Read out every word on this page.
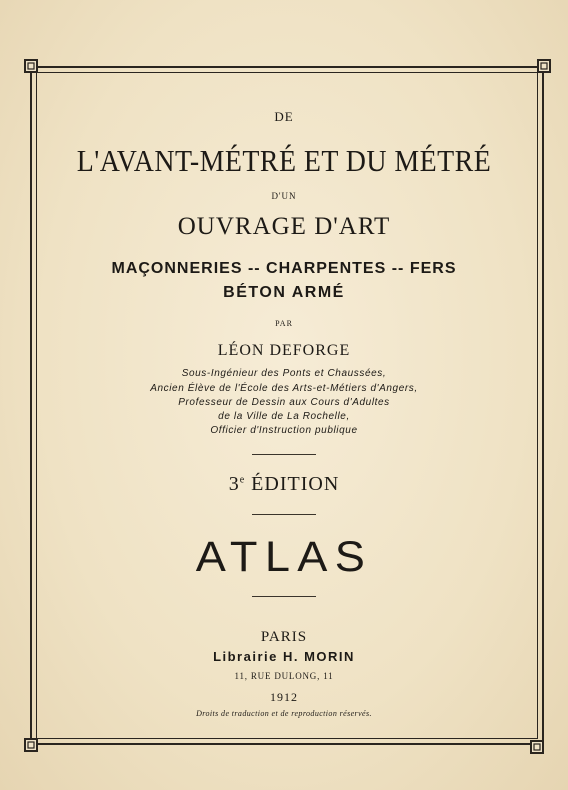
DE
L'AVANT-MÉTRÉ ET DU MÉTRÉ
D'UN
OUVRAGE D'ART
MAÇONNERIES -- CHARPENTES -- FERS
BÉTON ARMÉ
PAR
LÉON DEFORGE
Sous-Ingénieur des Ponts et Chaussées,
Ancien Élève de l'École des Arts-et-Métiers d'Angers,
Professeur de Dessin aux Cours d'Adultes
de la Ville de La Rochelle,
Officier d'Instruction publique
3e ÉDITION
ATLAS
PARIS
Librairie H. MORIN
11, RUE DULONG, 11
1912
Droits de traduction et de reproduction réservés.
